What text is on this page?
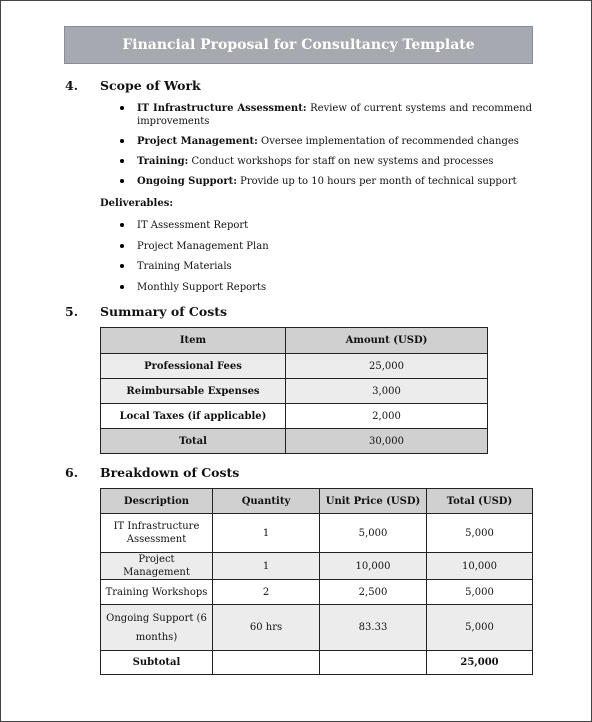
Financial Proposal for Consultancy Template
4. Scope of Work
IT Infrastructure Assessment: Review of current systems and recommend improvements
Project Management: Oversee implementation of recommended changes
Training: Conduct workshops for staff on new systems and processes
Ongoing Support: Provide up to 10 hours per month of technical support
Deliverables:
IT Assessment Report
Project Management Plan
Training Materials
Monthly Support Reports
5. Summary of Costs
Item	Amount (USD)
Professional Fees	25,000
Reimbursable Expenses	3,000
Local Taxes (if applicable)	2,000
Total	30,000
6. Breakdown of Costs
Description	Quantity	Unit Price (USD)	Total (USD)
IT Infrastructure Assessment	1	5,000	5,000
Project Management	1	10,000	10,000
Training Workshops	2	2,500	5,000
Ongoing Support (6 months)	60 hrs	83.33	5,000
Subtotal			25,000
